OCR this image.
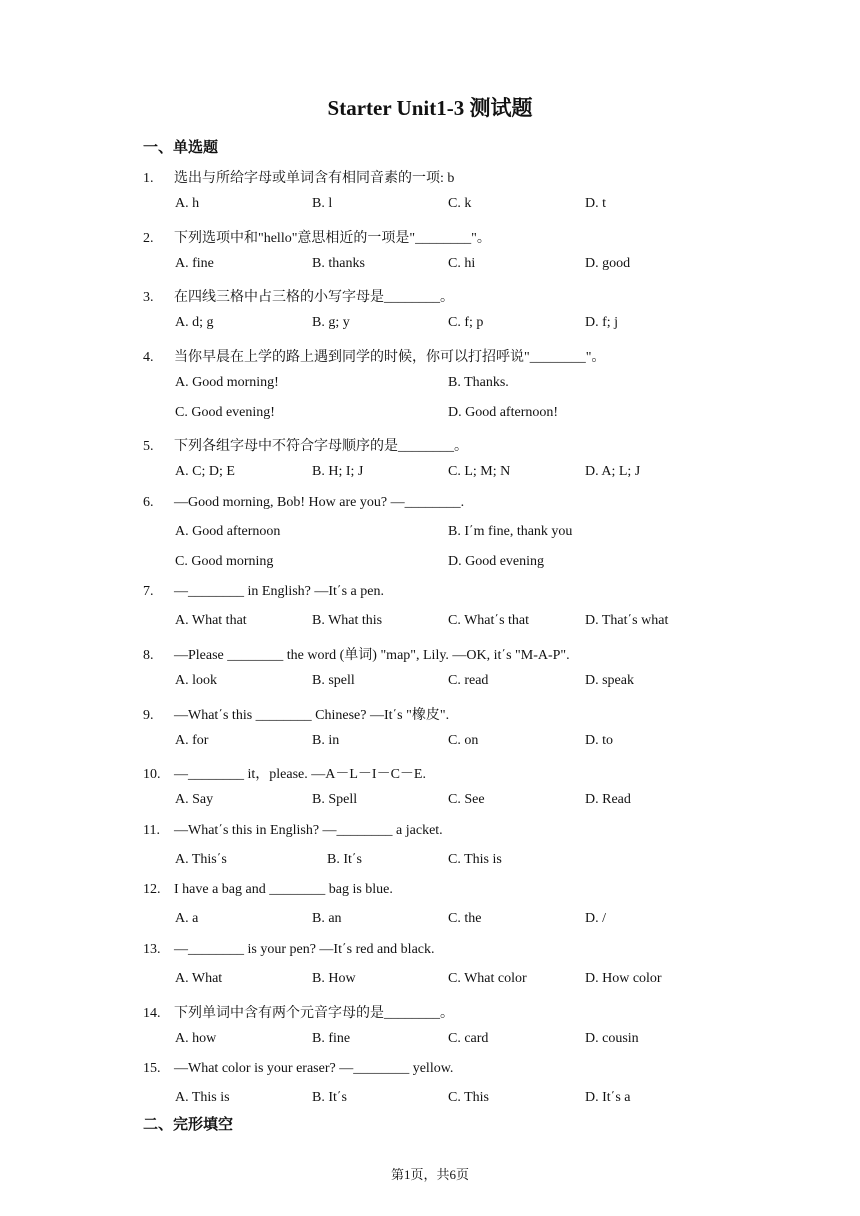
Starter Unit1-3 测试题
一、单选题
1. 选出与所给字母或单词含有相同音素的一项: b
A. h	B. l	C. k	D. t
2. 下列选项中和"hello"意思相近的一项是"________"。
A. fine	B. thanks	C. hi	D. good
3. 在四线三格中占三格的小写字母是________。
A. d; g	B. g; y	C. f; p	D. f; j
4. 当你早晨在上学的路上遇到同学的时候，你可以打招呼说"________"。
A. Good morning!	B. Thanks.
C. Good evening!	D. Good afternoon!
5. 下列各组字母中不符合字母顺序的是________。
A. C; D; E	B. H; I; J	C. L; M; N	D. A; L; J
6. —Good morning, Bob! How are you? —________.
A. Good afternoon	B. I΄m fine, thank you
C. Good morning	D. Good evening
7. —________ in English? —It΄s a pen.
A. What that	B. What this	C. What΄s that	D. That΄s what
8. —Please ________ the word (单词) "map", Lily. —OK, it΄s "M-A-P".
A. look	B. spell	C. read	D. speak
9. —What΄s this ________ Chinese? —It΄s "橡皮".
A. for	B. in	C. on	D. to
10. —________ it，please. —A－L－I－C－E.
A. Say	B. Spell	C. See	D. Read
11. —What΄s this in English? —________ a jacket.
A. This΄s	B. It΄s	C. This is
12. I have a bag and ________ bag is blue.
A. a	B. an	C. the	D. /
13. —________ is your pen? —It΄s red and black.
A. What	B. How	C. What color	D. How color
14. 下列单词中含有两个元音字母的是________。
A. how	B. fine	C. card	D. cousin
15. —What color is your eraser? —________ yellow.
A. This is	B. It΄s	C. This	D. It΄s a
二、完形填空
第1页，共6页
